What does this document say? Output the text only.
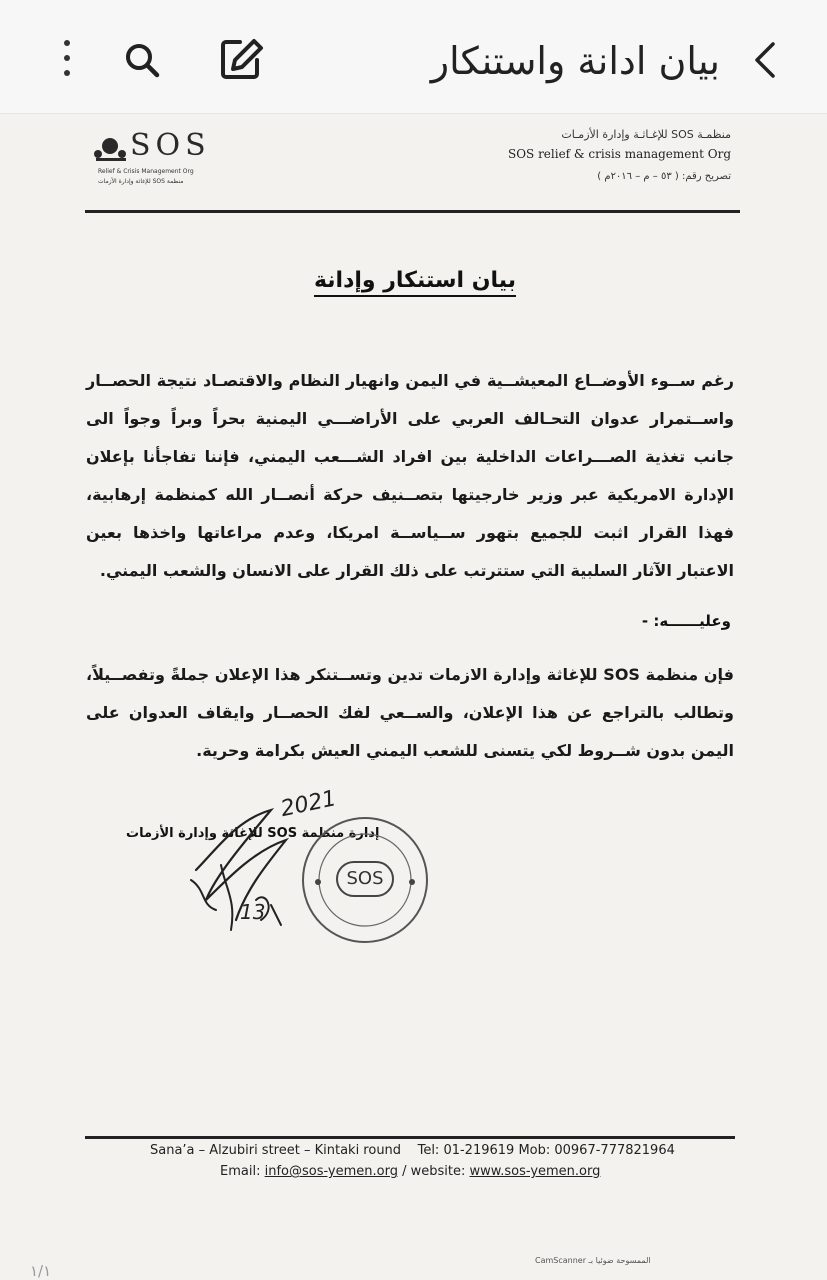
بيان ادانة واستنكار
SOS
Relief & Crisis Management Org
منظمة SOS للإغاثة وإدارة الأزمات
منظمـة SOS للإغـاثـة وإدارة الأزمـات
SOS relief & crisis management Org
تصريح رقم: ( ٥٣ – م – ٢٠١٦م )
بيان استنكار وإدانة

رغم ســوء الأوضــاع المعيشــية في اليمن وانهيار النظام والاقتصـاد نتيجة الحصــار واســتمرار عدوان التحـالف العربي على الأراضـــي اليمنية بحراً وبراً وجواً الى جانب تغذية الصـــراعات الداخلية بين افراد الشـــعب اليمني، فإننا تفاجأنا بإعلان الإدارة الامريكية عبر وزير خارجيتها بتصــنيف حركة أنصــار الله كمنظمة إرهابية، فهذا القرار اثبت للجميع بتهور ســياســة امريكا، وعدم مراعاتها واخذها بعين الاعتبار الآثار السلبية التي ستترتب على ذلك القرار على الانسان والشعب اليمني.

وعليــــــه: -

فإن منظمة SOS للإغاثة وإدارة الازمات تدين وتســتنكر هذا الإعلان جملةً وتفصــيلاً، وتطالب بالتراجع عن هذا الإعلان، والســعي لفك الحصــار وايقاف العدوان على اليمن بدون شــروط لكي يتسنى للشعب اليمني العيش بكرامة وحرية.

إدارة منظمة SOS للإغاثة وإدارة الأزمات
2021
SOS
13
Sana’a – Alzubiri street – Kintaki round Tel: 01-219619 Mob: 00967-777821964
Email: info@sos-yemen.org / website: www.sos-yemen.org
الممسوحة ضوئيا بـ CamScanner
١/١
